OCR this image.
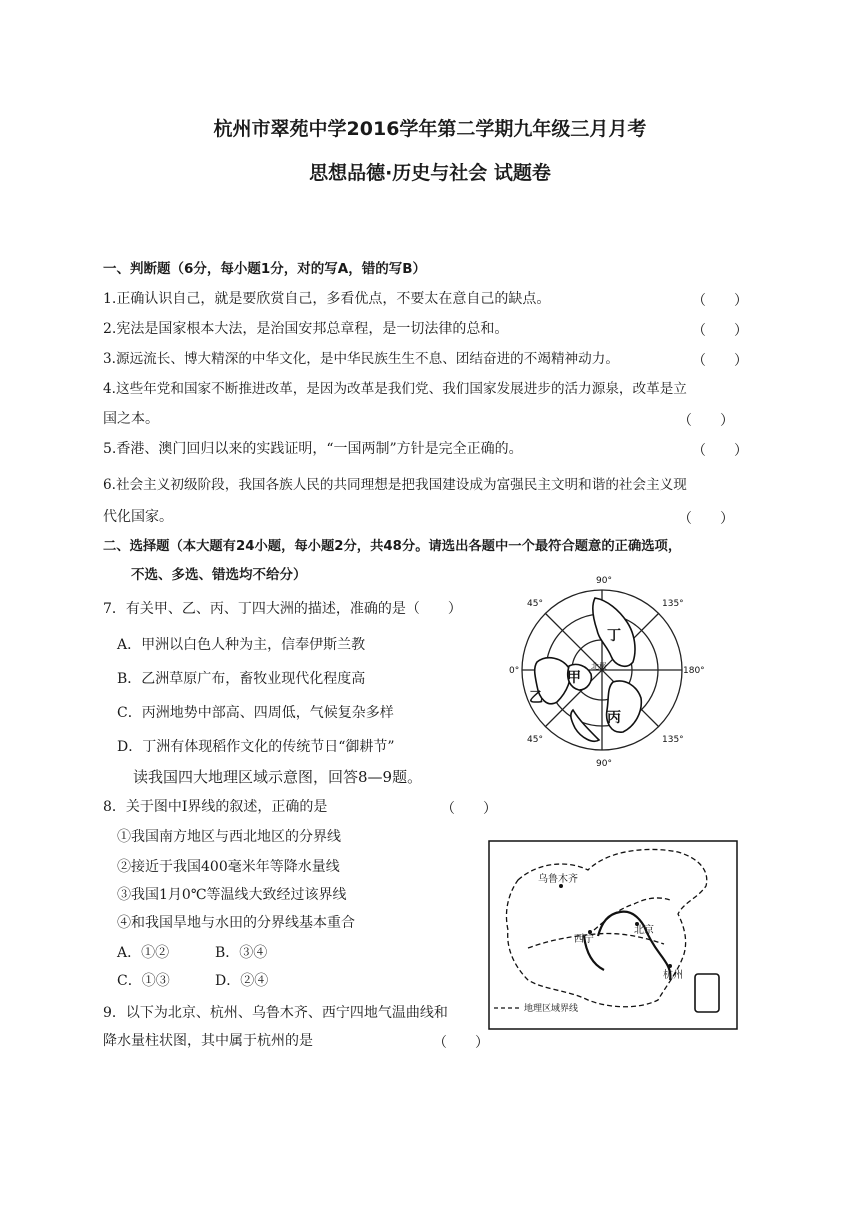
杭州市翠苑中学2016学年第二学期九年级三月月考
思想品德·历史与社会 试题卷
一、判断题（6分，每小题1分，对的写A，错的写B）
1.正确认识自己，就是要欣赏自己，多看优点，不要太在意自己的缺点。	（　　）
2.宪法是国家根本大法，是治国安邦总章程，是一切法律的总和。	（　　）
3.源远流长、博大精深的中华文化，是中华民族生生不息、团结奋进的不竭精神动力。	（　　）
4.这些年党和国家不断推进改革，是因为改革是我们党、我们国家发展进步的活力源泉，改革是立
国之本。	（　　）
5.香港、澳门回归以来的实践证明，“一国两制”方针是完全正确的。	（　　）
6.社会主义初级阶段，我国各族人民的共同理想是把我国建设成为富强民主文明和谐的社会主义现
代化国家。	（　　）
二、选择题（本大题有24小题，每小题2分，共48分。请选出各题中一个最符合题意的正确选项，
不选、多选、错选均不给分）
7．有关甲、乙、丙、丁四大洲的描述，准确的是（　　）
A．甲洲以白色人种为主，信奉伊斯兰教
B．乙洲草原广布，畜牧业现代化程度高
C．丙洲地势中部高、四周低，气候复杂多样
D．丁洲有体现稻作文化的传统节日“御耕节”
90°
90°
0°	180°
45°	135°
45°	135°
丁
甲
乙
丙
北极
读我国四大地理区域示意图，回答8—9题。
8．关于图中Ⅰ界线的叙述，正确的是	（　　）
①我国南方地区与西北地区的分界线
②接近于我国400毫米年等降水量线
③我国1月0℃等温线大致经过该界线
④和我国旱地与水田的分界线基本重合
A．①②	B．③④
C．①③	D．②④
乌鲁木齐
北京
西宁
杭州
地理区域界线
9．以下为北京、杭州、乌鲁木齐、西宁四地气温曲线和
降水量柱状图，其中属于杭州的是	（　　）
